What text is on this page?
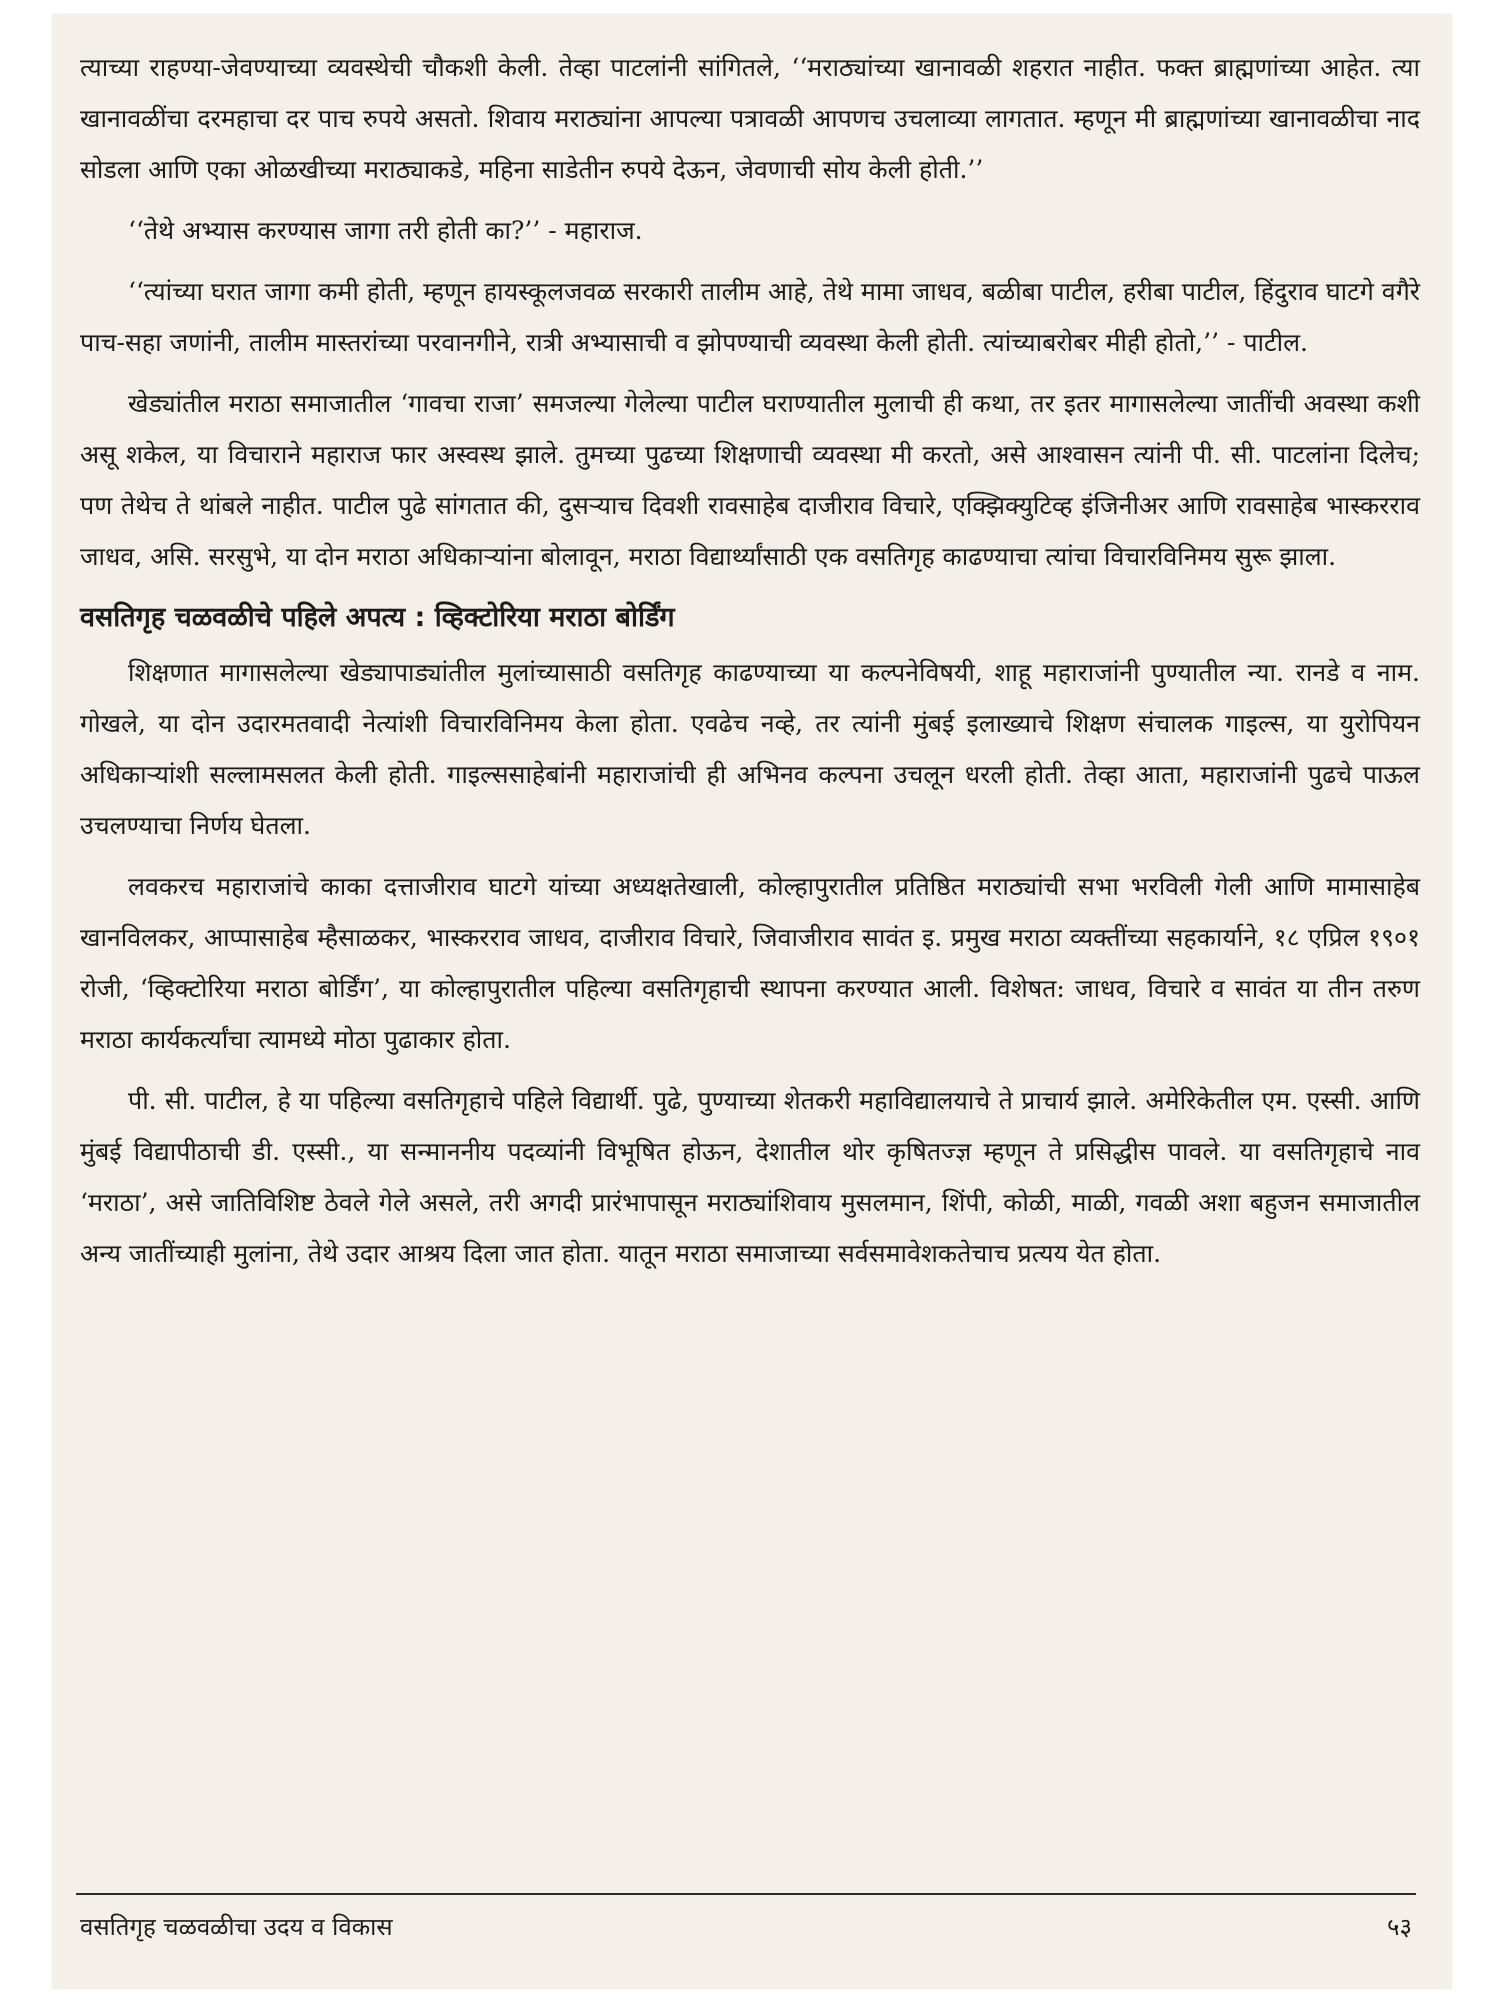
त्याच्या राहण्या-जेवण्याच्या व्यवस्थेची चौकशी केली. तेव्हा पाटलांनी सांगितले, ‘‘मराठ्यांच्या खानावळी शहरात नाहीत. फक्त ब्राह्मणांच्या आहेत. त्या खानावळींचा दरमहाचा दर पाच रुपये असतो. शिवाय मराठ्यांना आपल्या पत्रावळी आपणच उचलाव्या लागतात. म्हणून मी ब्राह्मणांच्या खानावळीचा नाद सोडला आणि एका ओळखीच्या मराठ्याकडे, महिना साडेतीन रुपये देऊन, जेवणाची सोय केली होती.’’

‘‘तेथे अभ्यास करण्यास जागा तरी होती का?’’ - महाराज.

‘‘त्यांच्या घरात जागा कमी होती, म्हणून हायस्कूलजवळ सरकारी तालीम आहे, तेथे मामा जाधव, बळीबा पाटील, हरीबा पाटील, हिंदुराव घाटगे वगैरे पाच-सहा जणांनी, तालीम मास्तरांच्या परवानगीने, रात्री अभ्यासाची व झोपण्याची व्यवस्था केली होती. त्यांच्याबरोबर मीही होतो,’’ - पाटील.

खेड्यांतील मराठा समाजातील ‘गावचा राजा’ समजल्या गेलेल्या पाटील घराण्यातील मुलाची ही कथा, तर इतर मागासलेल्या जातींची अवस्था कशी असू शकेल, या विचाराने महाराज फार अस्वस्थ झाले. तुमच्या पुढच्या शिक्षणाची व्यवस्था मी करतो, असे आश्वासन त्यांनी पी. सी. पाटलांना दिलेच; पण तेथेच ते थांबले नाहीत. पाटील पुढे सांगतात की, दुसऱ्याच दिवशी रावसाहेब दाजीराव विचारे, एक्झिक्युटिव्ह इंजिनीअर आणि रावसाहेब भास्करराव जाधव, असि. सरसुभे, या दोन मराठा अधिकाऱ्यांना बोलावून, मराठा विद्यार्थ्यांसाठी एक वसतिगृह काढण्याचा त्यांचा विचारविनिमय सुरू झाला.

वसतिगृह चळवळीचे पहिले अपत्य : व्हिक्टोरिया मराठा बोर्डिंग

शिक्षणात मागासलेल्या खेड्यापाड्यांतील मुलांच्यासाठी वसतिगृह काढण्याच्या या कल्पनेविषयी, शाहू महाराजांनी पुण्यातील न्या. रानडे व नाम. गोखले, या दोन उदारमतवादी नेत्यांशी विचारविनिमय केला होता. एवढेच नव्हे, तर त्यांनी मुंबई इलाख्याचे शिक्षण संचालक गाइल्स, या युरोपियन अधिकाऱ्यांशी सल्लामसलत केली होती. गाइल्ससाहेबांनी महाराजांची ही अभिनव कल्पना उचलून धरली होती. तेव्हा आता, महाराजांनी पुढचे पाऊल उचलण्याचा निर्णय घेतला.

लवकरच महाराजांचे काका दत्ताजीराव घाटगे यांच्या अध्यक्षतेखाली, कोल्हापुरातील प्रतिष्ठित मराठ्यांची सभा भरविली गेली आणि मामासाहेब खानविलकर, आप्पासाहेब म्हैसाळकर, भास्करराव जाधव, दाजीराव विचारे, जिवाजीराव सावंत इ. प्रमुख मराठा व्यक्तींच्या सहकार्याने, १८ एप्रिल १९०१ रोजी, ‘व्हिक्टोरिया मराठा बोर्डिंग’, या कोल्हापुरातील पहिल्या वसतिगृहाची स्थापना करण्यात आली. विशेषत: जाधव, विचारे व सावंत या तीन तरुण मराठा कार्यकर्त्यांचा त्यामध्ये मोठा पुढाकार होता.

पी. सी. पाटील, हे या पहिल्या वसतिगृहाचे पहिले विद्यार्थी. पुढे, पुण्याच्या शेतकरी महाविद्यालयाचे ते प्राचार्य झाले. अमेरिकेतील एम. एस्सी. आणि मुंबई विद्यापीठाची डी. एस्सी., या सन्माननीय पदव्यांनी विभूषित होऊन, देशातील थोर कृषितज्ज्ञ म्हणून ते प्रसिद्धीस पावले. या वसतिगृहाचे नाव ‘मराठा’, असे जातिविशिष्ट ठेवले गेले असले, तरी अगदी प्रारंभापासून मराठ्यांशिवाय मुसलमान, शिंपी, कोळी, माळी, गवळी अशा बहुजन समाजातील अन्य जातींच्याही मुलांना, तेथे उदार आश्रय दिला जात होता. यातून मराठा समाजाच्या सर्वसमावेशकतेचाच प्रत्यय येत होता.

वसतिगृह चळवळीचा उदय व विकास	५३
